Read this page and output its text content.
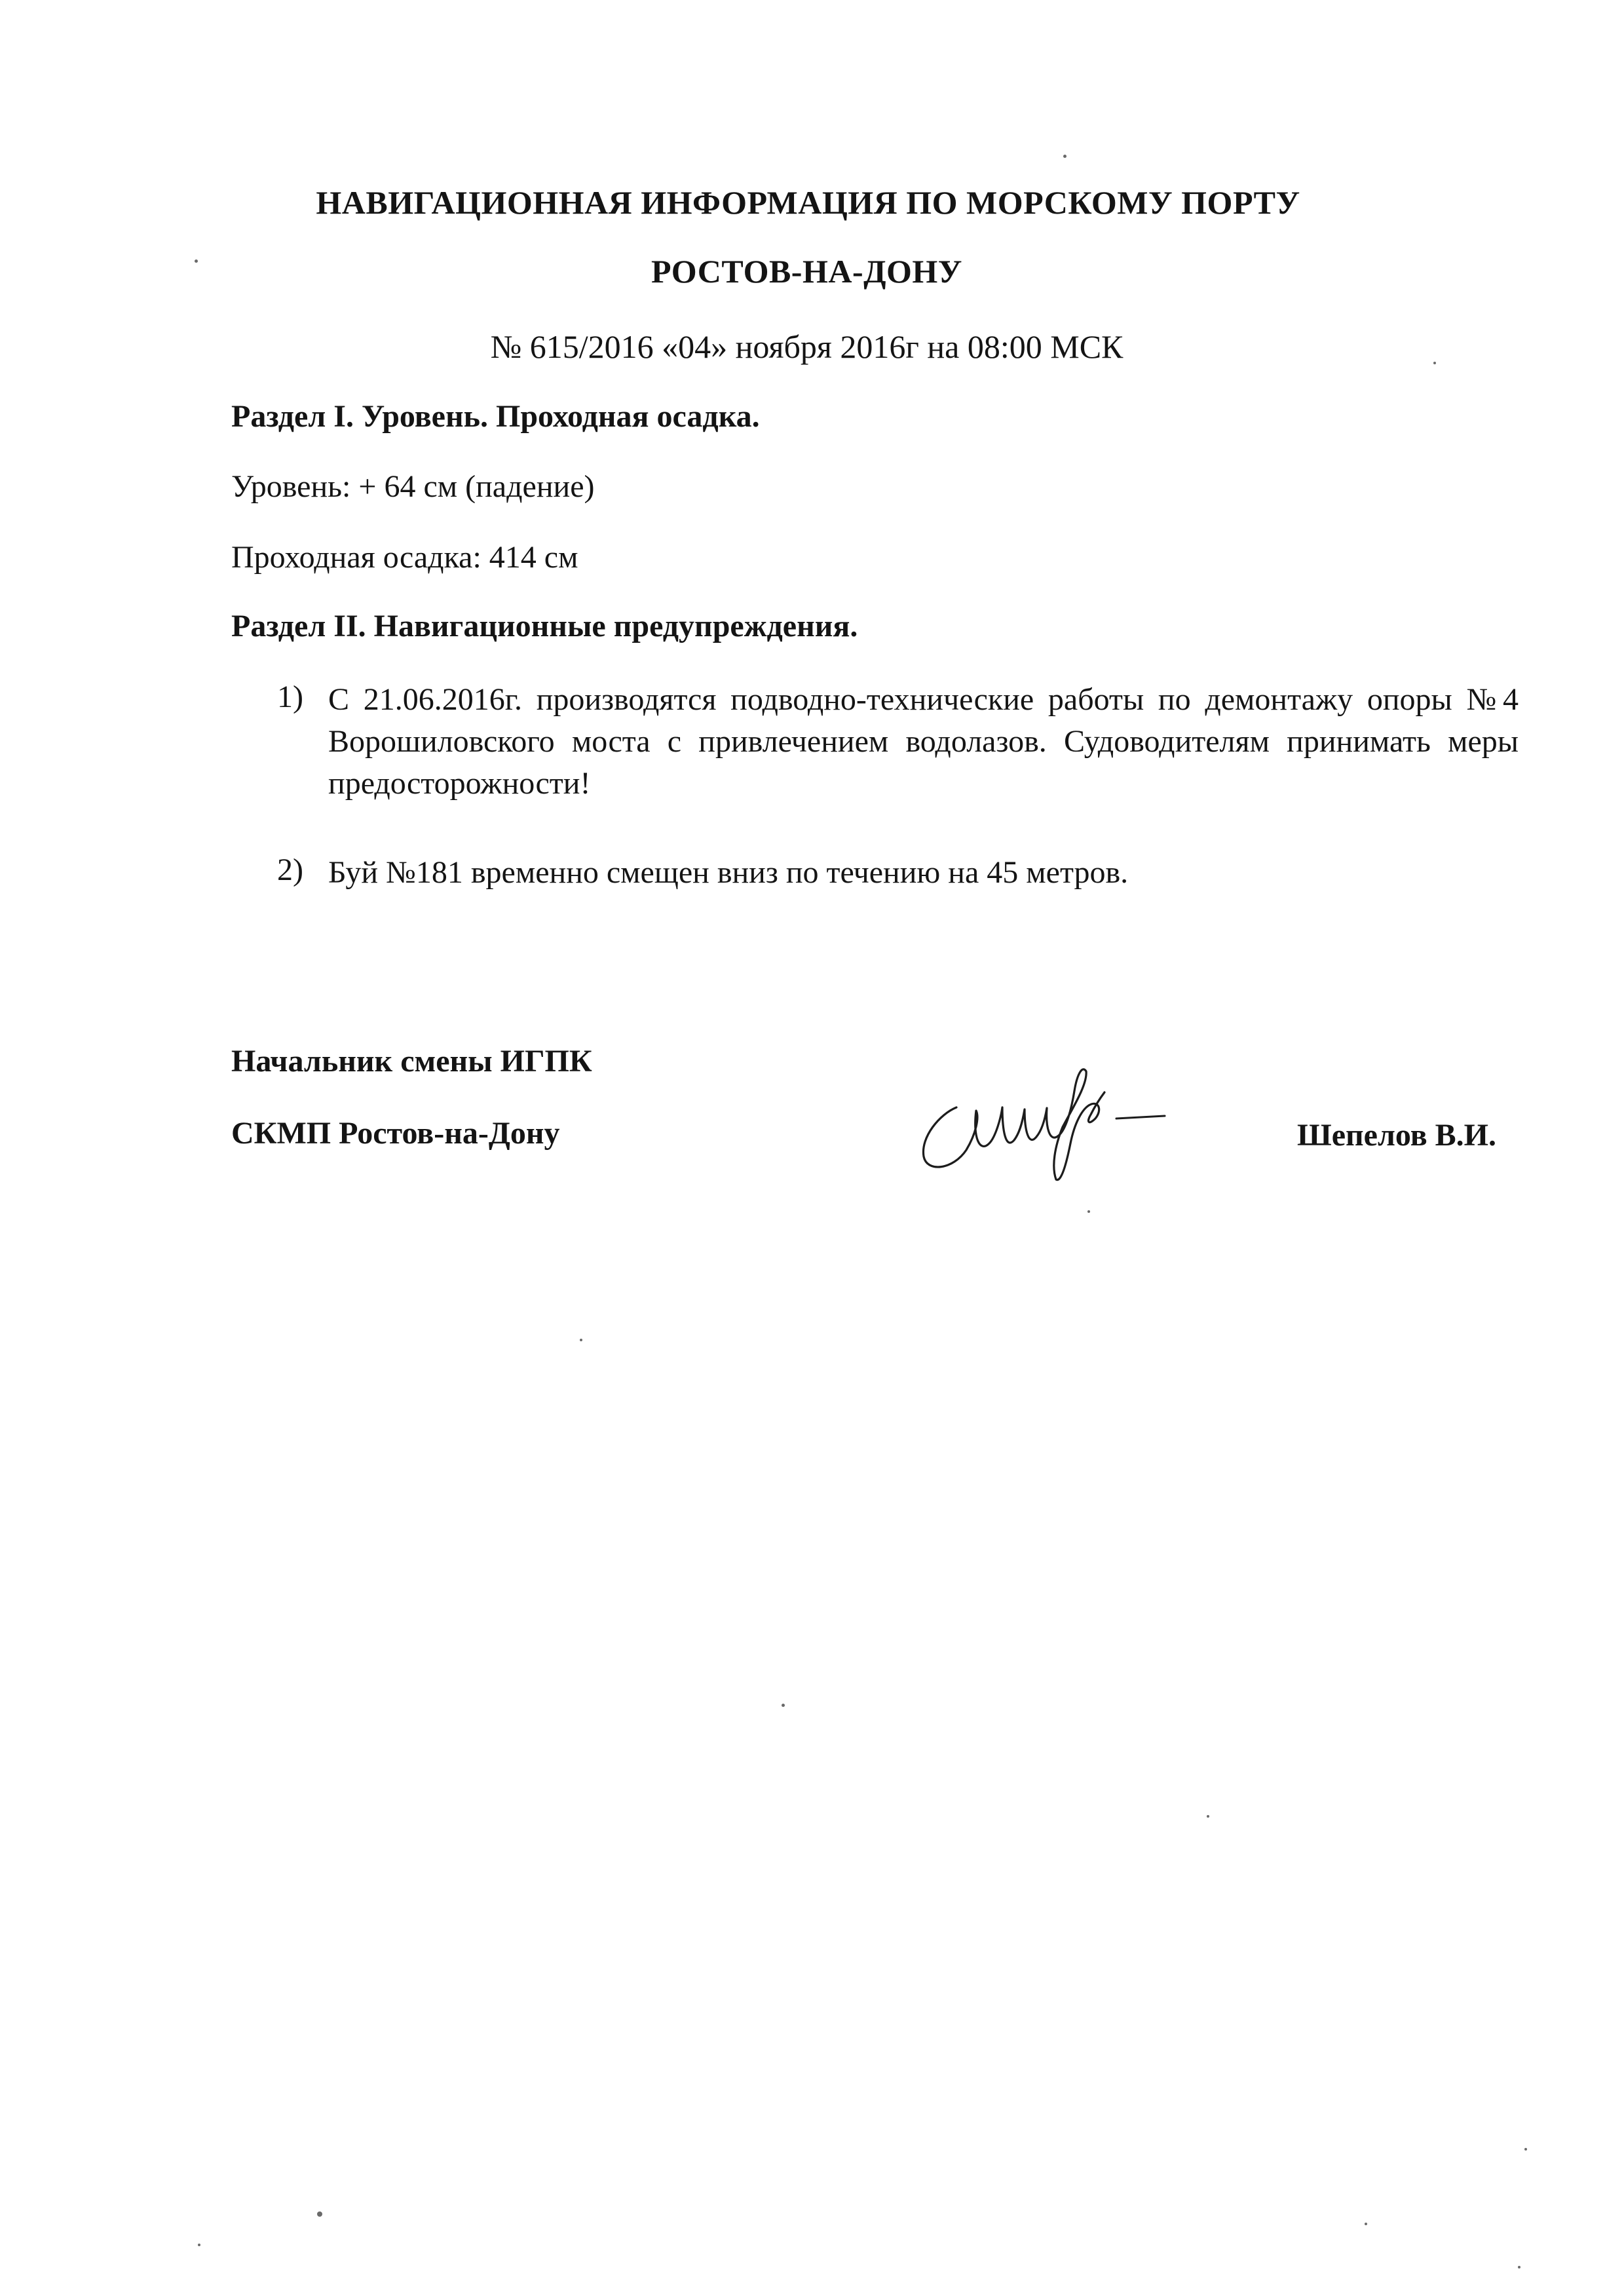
НАВИГАЦИОННАЯ ИНФОРМАЦИЯ ПО МОРСКОМУ ПОРТУ
РОСТОВ-НА-ДОНУ
№ 615/2016 «04» ноября 2016г на 08:00 МСК
Раздел I. Уровень. Проходная осадка.
Уровень: + 64 см (падение)
Проходная осадка: 414 см
Раздел II. Навигационные предупреждения.
1) С 21.06.2016г. производятся подводно-технические работы по демонтажу опоры №4 Ворошиловского моста с привлечением водолазов. Судоводителям принимать меры предосторожности!
2) Буй №181 временно смещен вниз по течению на 45 метров.
Начальник смены ИГПК
СКМП Ростов-на-Дону	Шепелов В.И.
